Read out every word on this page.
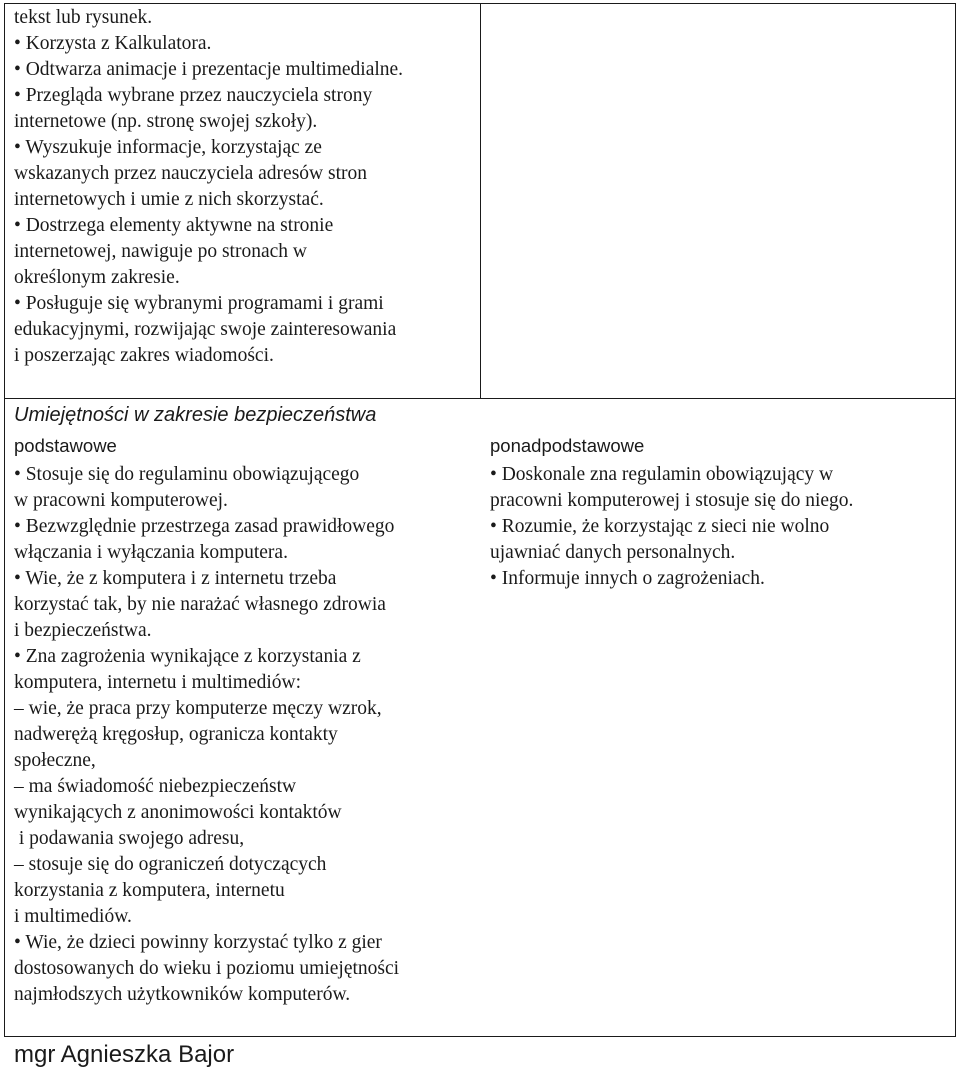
tekst lub rysunek.

• Korzysta z Kalkulatora.

• Odtwarza animacje i prezentacje multimedialne.

• Przegląda wybrane przez nauczyciela strony

internetowe (np. stronę swojej szkoły).

• Wyszukuje informacje, korzystając ze

wskazanych przez nauczyciela adresów stron

internetowych i umie z nich skorzystać.

• Dostrzega elementy aktywne na stronie

internetowej, nawiguje po stronach w

określonym zakresie.

• Posługuje się wybranymi programami i grami

edukacyjnymi, rozwijając swoje zainteresowania

i poszerzając zakres wiadomości.

Umiejętności w zakresie bezpieczeństwa

podstawowe

• Stosuje się do regulaminu obowiązującego

w pracowni komputerowej.

• Bezwzględnie przestrzega zasad prawidłowego

włączania i wyłączania komputera.

• Wie, że z komputera i z internetu trzeba

korzystać tak, by nie narażać własnego zdrowia

i bezpieczeństwa.

• Zna zagrożenia wynikające z korzystania z

komputera, internetu i multimediów:

– wie, że praca przy komputerze męczy wzrok,

nadwerężą kręgosłup, ogranicza kontakty

społeczne,

– ma świadomość niebezpieczeństw

wynikających z anonimowości kontaktów

i podawania swojego adresu,

– stosuje się do ograniczeń dotyczących

korzystania z komputera, internetu

i multimediów.

• Wie, że dzieci powinny korzystać tylko z gier

dostosowanych do wieku i poziomu umiejętności

najmłodszych użytkowników komputerów.

ponadpodstawowe

• Doskonale zna regulamin obowiązujący w

pracowni komputerowej i stosuje się do niego.

• Rozumie, że korzystając z sieci nie wolno

ujawniać danych personalnych.

• Informuje innych o zagrożeniach.

mgr Agnieszka Bajor
